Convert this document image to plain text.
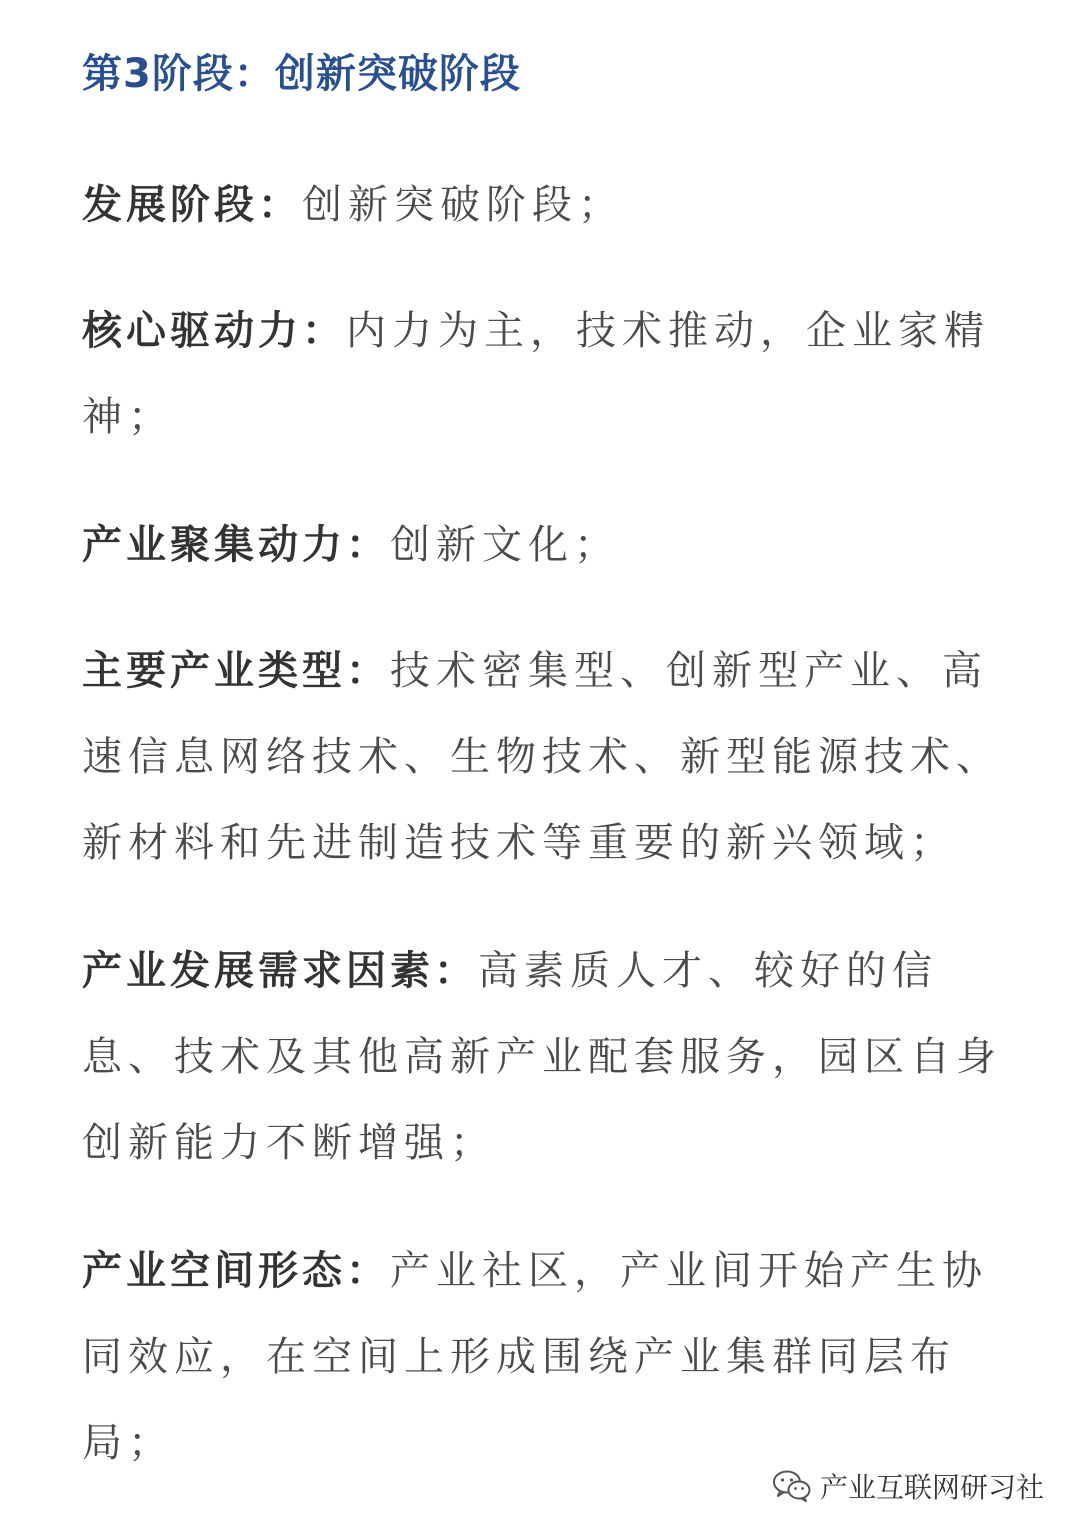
第3阶段：创新突破阶段

发展阶段：创新突破阶段；

核心驱动力：内力为主，技术推动，企业家精神；

产业聚集动力：创新文化；

主要产业类型：技术密集型、创新型产业、高速信息网络技术、生物技术、新型能源技术、新材料和先进制造技术等重要的新兴领域；

产业发展需求因素：高素质人才、较好的信息、技术及其他高新产业配套服务，园区自身创新能力不断增强；

产业空间形态：产业社区，产业间开始产生协同效应，在空间上形成围绕产业集群同层布局；

产业互联网研习社
